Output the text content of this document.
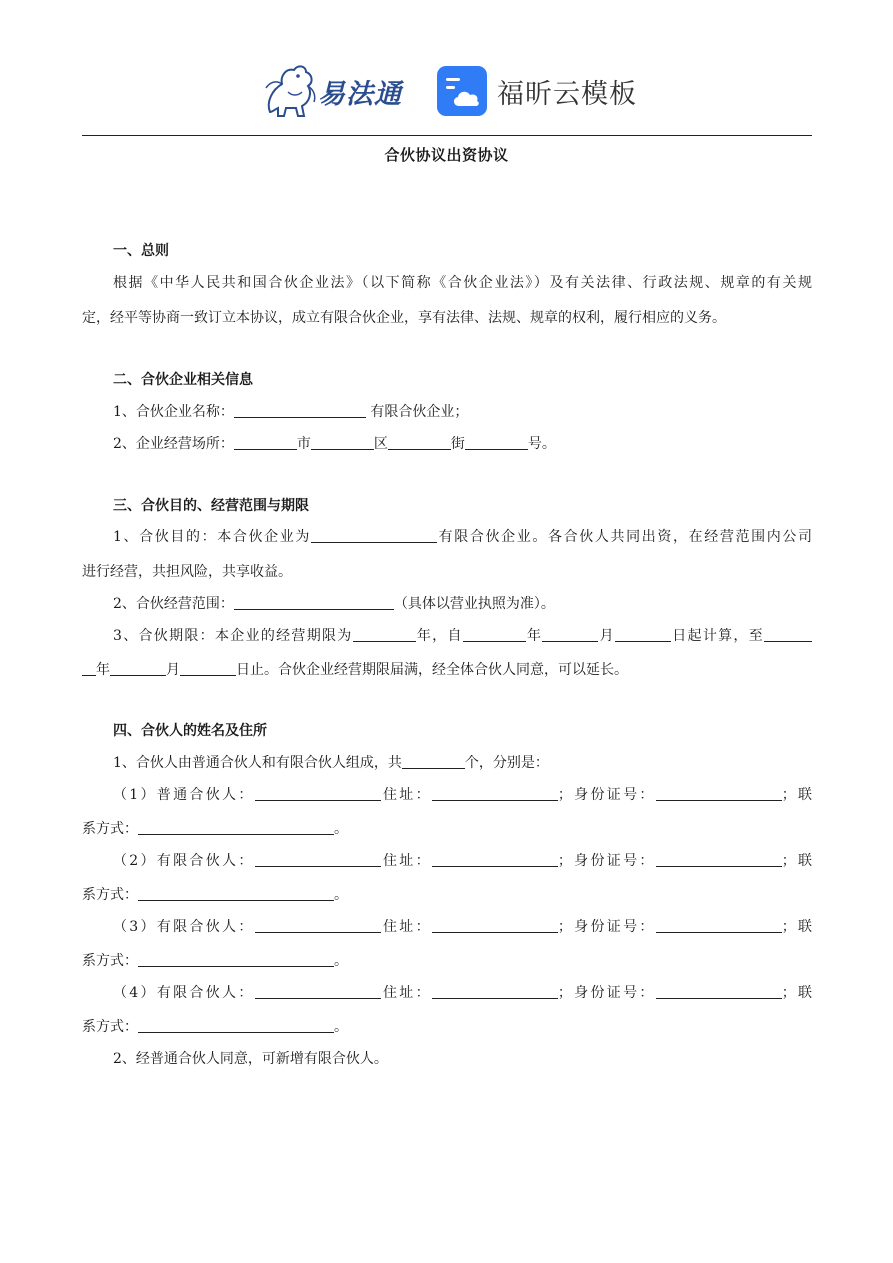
易法通	福昕云模板
合伙协议出资协议
一、总则
根据《中华人民共和国合伙企业法》（以下简称《合伙企业法》）及有关法律、行政法规、规章的有关规
定，经平等协商一致订立本协议，成立有限合伙企业，享有法律、法规、规章的权利，履行相应的义务。
二、合伙企业相关信息
1、合伙企业名称：	有限合伙企业；
2、企业经营场所：	市	区	街	号。
三、合伙目的、经营范围与期限
1、合伙目的：本合伙企业为	有限合伙企业。各合伙人共同出资，在经营范围内公司
进行经营，共担风险，共享收益。
2、合伙经营范围：	（具体以营业执照为准）。
3、合伙期限：本企业的经营期限为	年，自	年	月	日起计算，至
年	月	日止。合伙企业经营期限届满，经全体合伙人同意，可以延长。
四、合伙人的姓名及住所
1、合伙人由普通合伙人和有限合伙人组成，共	个，分别是：
（1）普通合伙人：	住址：	；身份证号：	；联
系方式：	。
（2）有限合伙人：	住址：	；身份证号：	；联
系方式：	。
（3）有限合伙人：	住址：	；身份证号：	；联
系方式：	。
（4）有限合伙人：	住址：	；身份证号：	；联
系方式：	。
2、经普通合伙人同意，可新增有限合伙人。
